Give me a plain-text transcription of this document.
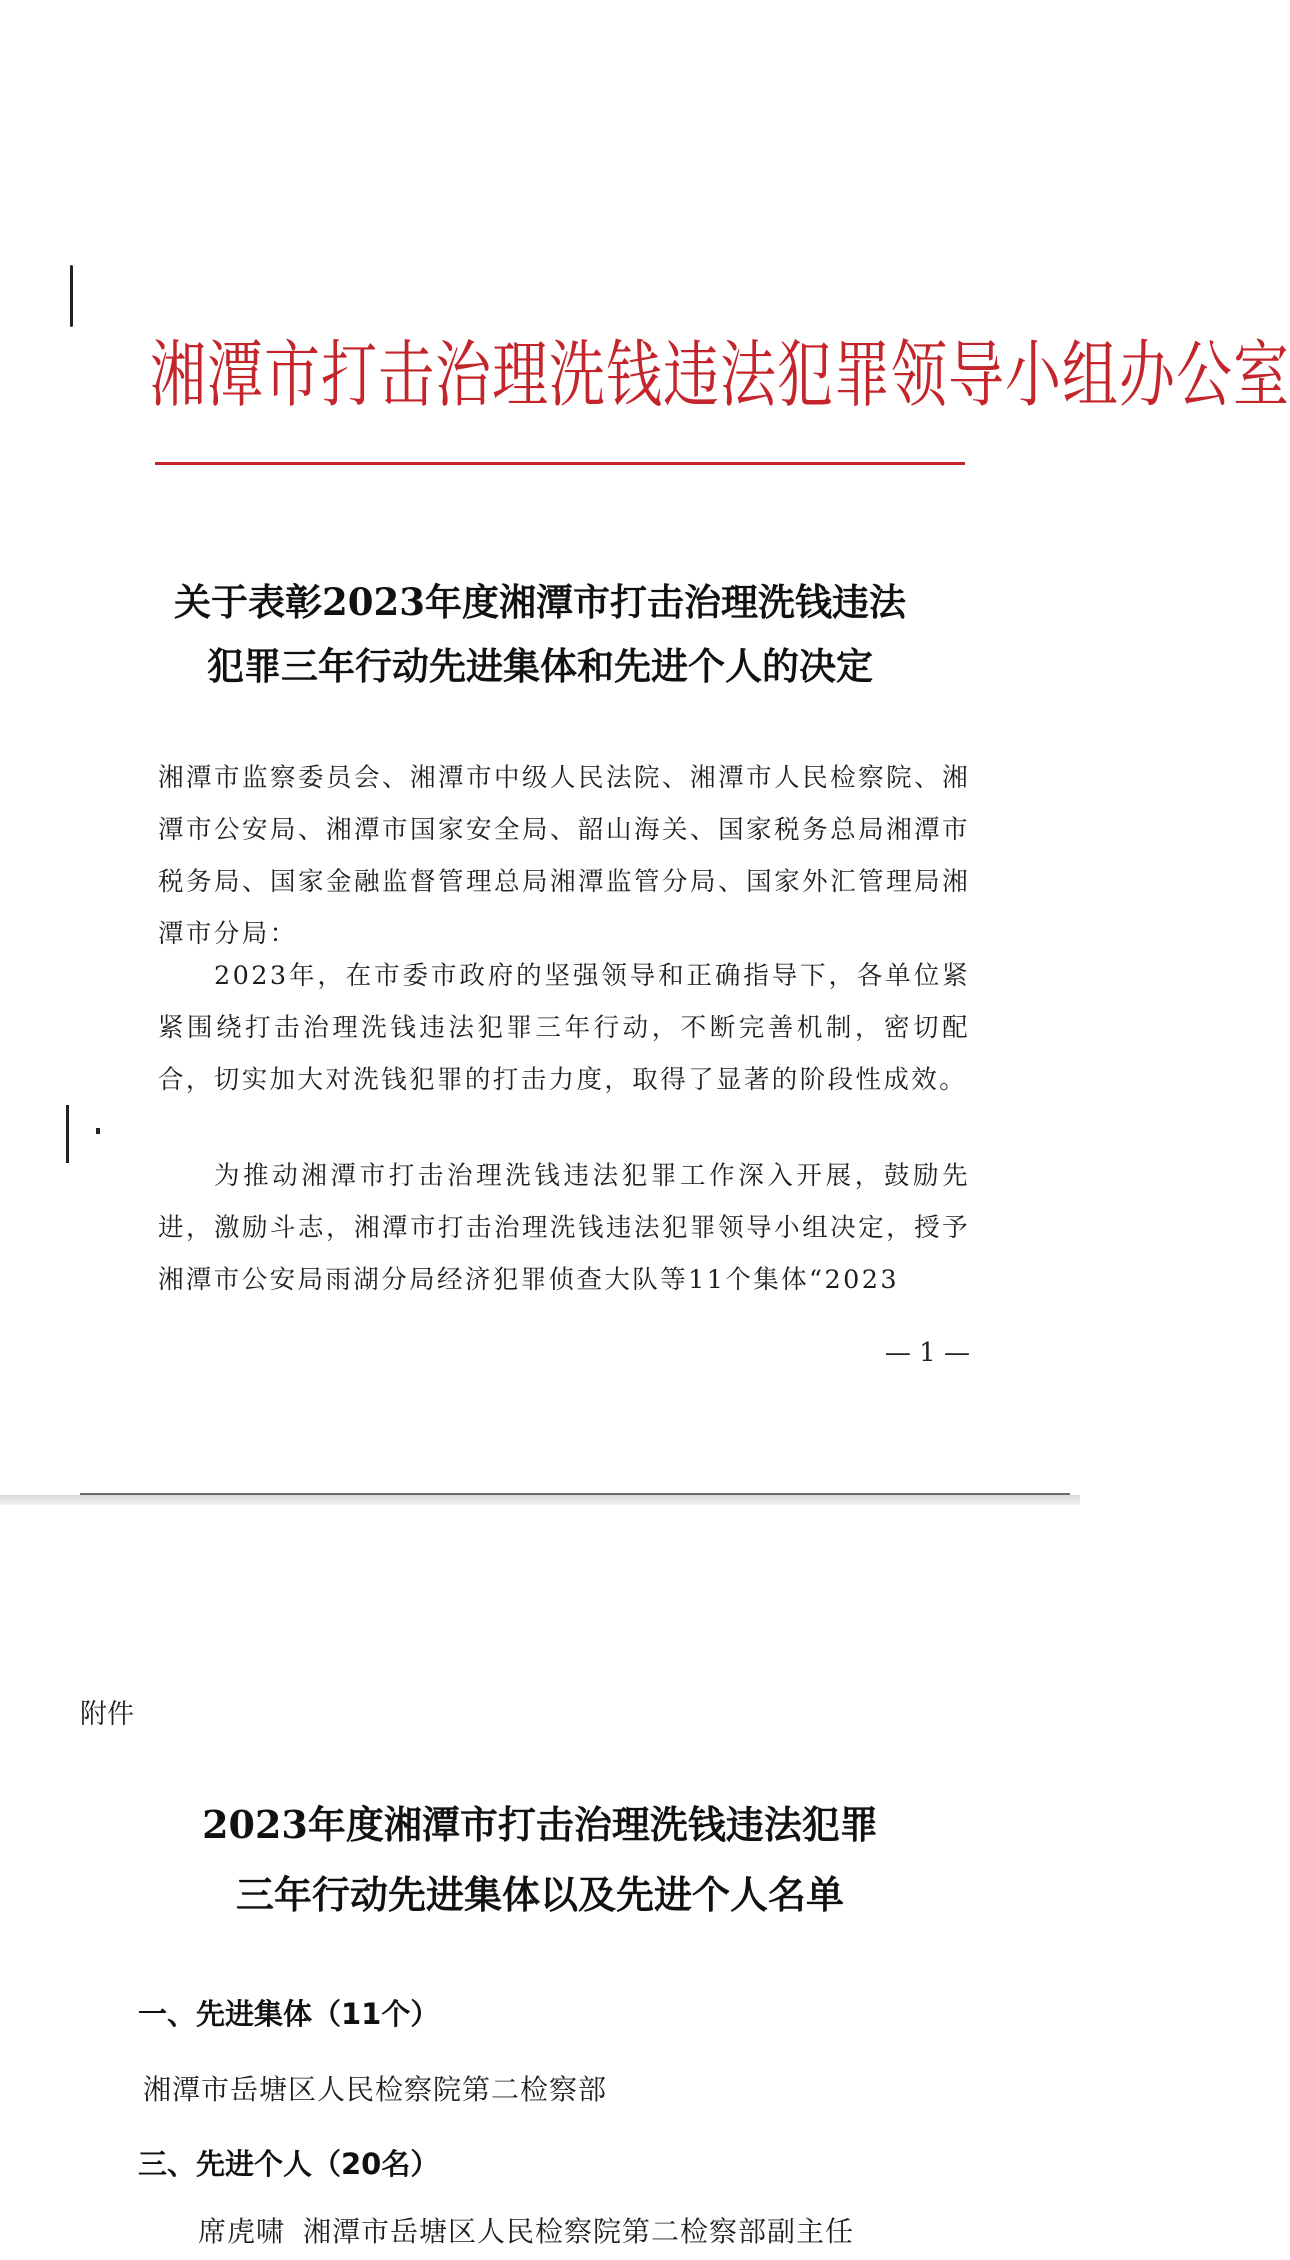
湘潭市打击治理洗钱违法犯罪领导小组办公室
关于表彰2023年度湘潭市打击治理洗钱违法
犯罪三年行动先进集体和先进个人的决定
湘潭市监察委员会、湘潭市中级人民法院、湘潭市人民检察院、湘潭市公安局、湘潭市国家安全局、韶山海关、国家税务总局湘潭市税务局、国家金融监督管理总局湘潭监管分局、国家外汇管理局湘潭市分局：
2023年，在市委市政府的坚强领导和正确指导下，各单位紧紧围绕打击治理洗钱违法犯罪三年行动，不断完善机制，密切配合，切实加大对洗钱犯罪的打击力度，取得了显著的阶段性成效。
为推动湘潭市打击治理洗钱违法犯罪工作深入开展，鼓励先进，激励斗志，湘潭市打击治理洗钱违法犯罪领导小组决定，授予湘潭市公安局雨湖分局经济犯罪侦查大队等11个集体“2023
— 1 —
附件
2023年度湘潭市打击治理洗钱违法犯罪
三年行动先进集体以及先进个人名单
一、先进集体（11个）
湘潭市岳塘区人民检察院第二检察部
三、先进个人（20名）
席虎啸 湘潭市岳塘区人民检察院第二检察部副主任
